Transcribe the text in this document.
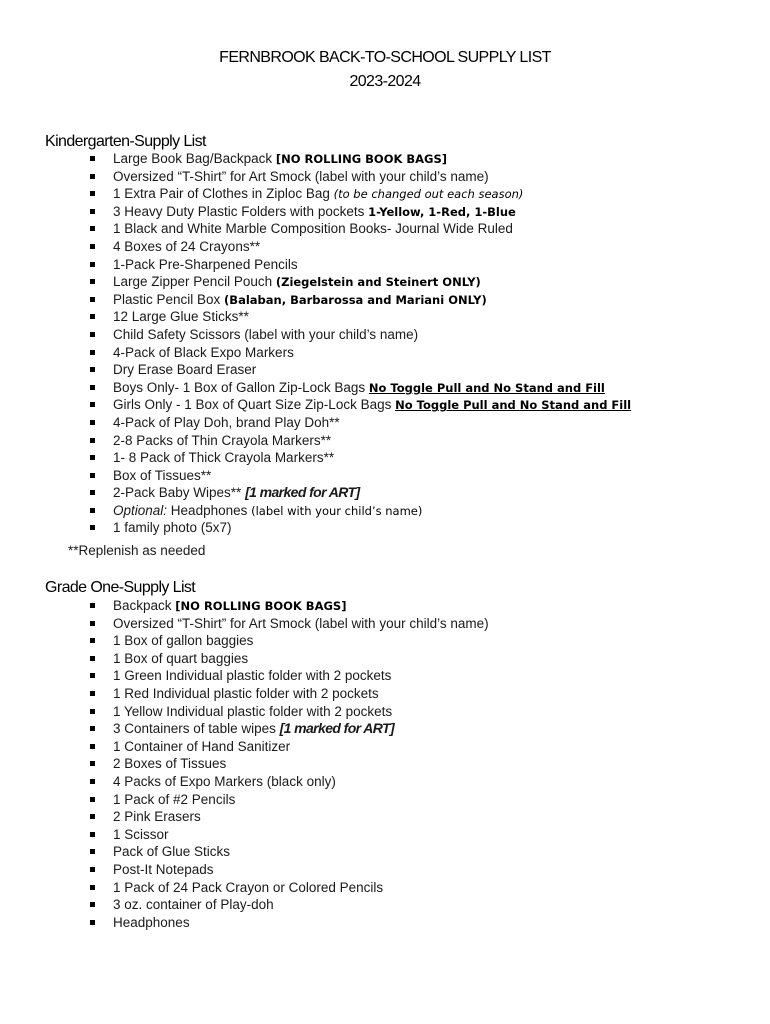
FERNBROOK BACK-TO-SCHOOL SUPPLY LIST
2023-2024
Kindergarten-Supply List
Large Book Bag/Backpack [NO ROLLING BOOK BAGS]
Oversized “T-Shirt” for Art Smock (label with your child’s name)
1 Extra Pair of Clothes in Ziploc Bag (to be changed out each season)
3 Heavy Duty Plastic Folders with pockets 1-Yellow, 1-Red, 1-Blue
1 Black and White Marble Composition Books- Journal Wide Ruled
4 Boxes of 24 Crayons**
1-Pack Pre-Sharpened Pencils
Large Zipper Pencil Pouch (Ziegelstein and Steinert ONLY)
Plastic Pencil Box (Balaban, Barbarossa and Mariani ONLY)
12 Large Glue Sticks**
Child Safety Scissors (label with your child’s name)
4-Pack of Black Expo Markers
Dry Erase Board Eraser
Boys Only- 1 Box of Gallon Zip-Lock Bags No Toggle Pull and No Stand and Fill
Girls Only - 1 Box of Quart Size Zip-Lock Bags No Toggle Pull and No Stand and Fill
4-Pack of Play Doh, brand Play Doh**
2-8 Packs of Thin Crayola Markers**
1- 8 Pack of Thick Crayola Markers**
Box of Tissues**
2-Pack Baby Wipes** [1 marked for ART]
Optional: Headphones (label with your child’s name)
1 family photo (5x7)
**Replenish as needed
Grade One-Supply List
Backpack [NO ROLLING BOOK BAGS]
Oversized “T-Shirt” for Art Smock (label with your child’s name)
1 Box of gallon baggies
1 Box of quart baggies
1 Green Individual plastic folder with 2 pockets
1 Red Individual plastic folder with 2 pockets
1 Yellow Individual plastic folder with 2 pockets
3 Containers of table wipes [1 marked for ART]
1 Container of Hand Sanitizer
2 Boxes of Tissues
4 Packs of Expo Markers (black only)
1 Pack of #2 Pencils
2 Pink Erasers
1 Scissor
Pack of Glue Sticks
Post-It Notepads
1 Pack of 24 Pack Crayon or Colored Pencils
3 oz. container of Play-doh
Headphones
